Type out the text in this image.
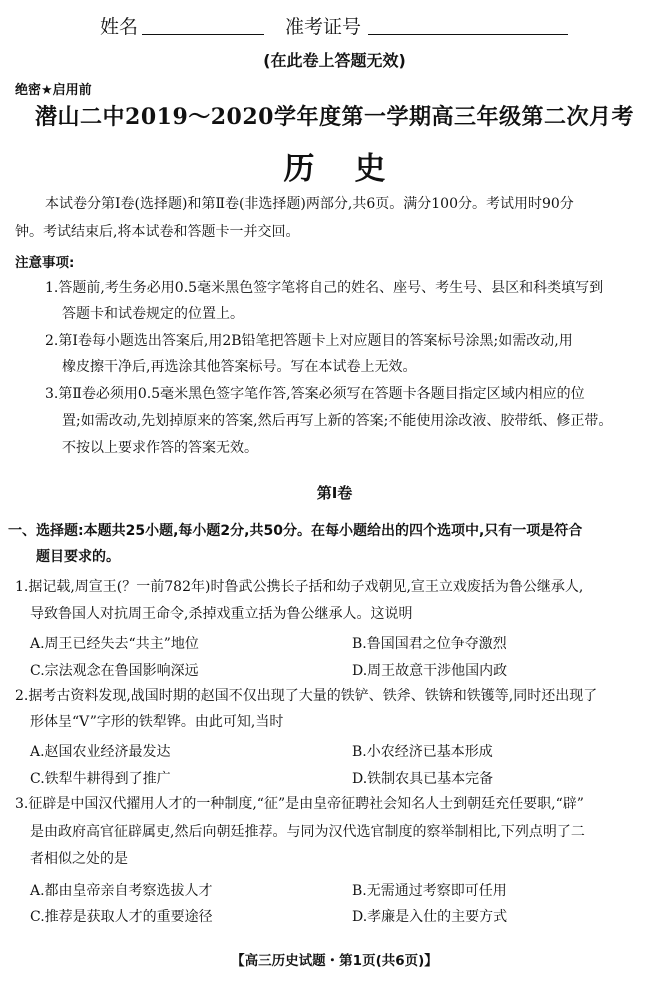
姓名	准考证号
(在此卷上答题无效)
绝密★启用前
潜山二中2019～2020学年度第一学期高三年级第二次月考
历史
本试卷分第Ⅰ卷(选择题)和第Ⅱ卷(非选择题)两部分,共6页。满分100分。考试用时90分
钟。考试结束后,将本试卷和答题卡一并交回。
注意事项:
1.答题前,考生务必用0.5毫米黑色签字笔将自己的姓名、座号、考生号、县区和科类填写到
答题卡和试卷规定的位置上。
2.第Ⅰ卷每小题选出答案后,用2B铅笔把答题卡上对应题目的答案标号涂黑;如需改动,用
橡皮擦干净后,再选涂其他答案标号。写在本试卷上无效。
3.第Ⅱ卷必须用0.5毫米黑色签字笔作答,答案必须写在答题卡各题目指定区域内相应的位
置;如需改动,先划掉原来的答案,然后再写上新的答案;不能使用涂改液、胶带纸、修正带。
不按以上要求作答的答案无效。
第Ⅰ卷
一、选择题:本题共25小题,每小题2分,共50分。在每小题给出的四个选项中,只有一项是符合
题目要求的。
1.据记载,周宣王(？一前782年)时鲁武公携长子括和幼子戏朝见,宣王立戏废括为鲁公继承人,
导致鲁国人对抗周王命令,杀掉戏重立括为鲁公继承人。这说明
A.周王已经失去“共主”地位	B.鲁国国君之位争夺激烈
C.宗法观念在鲁国影响深远	D.周王故意干涉他国内政
2.据考古资料发现,战国时期的赵国不仅出现了大量的铁铲、铁斧、铁锛和铁镬等,同时还出现了
形体呈“V”字形的铁犁铧。由此可知,当时
A.赵国农业经济最发达	B.小农经济已基本形成
C.铁犁牛耕得到了推广	D.铁制农具已基本完备
3.征辟是中国汉代擢用人才的一种制度,“征”是由皇帝征聘社会知名人士到朝廷充任要职,“辟”
是由政府高官征辟属吏,然后向朝廷推荐。与同为汉代选官制度的察举制相比,下列点明了二
者相似之处的是
A.都由皇帝亲自考察选拔人才	B.无需通过考察即可任用
C.推荐是获取人才的重要途径	D.孝廉是入仕的主要方式
【高三历史试题・第1页(共6页)】
